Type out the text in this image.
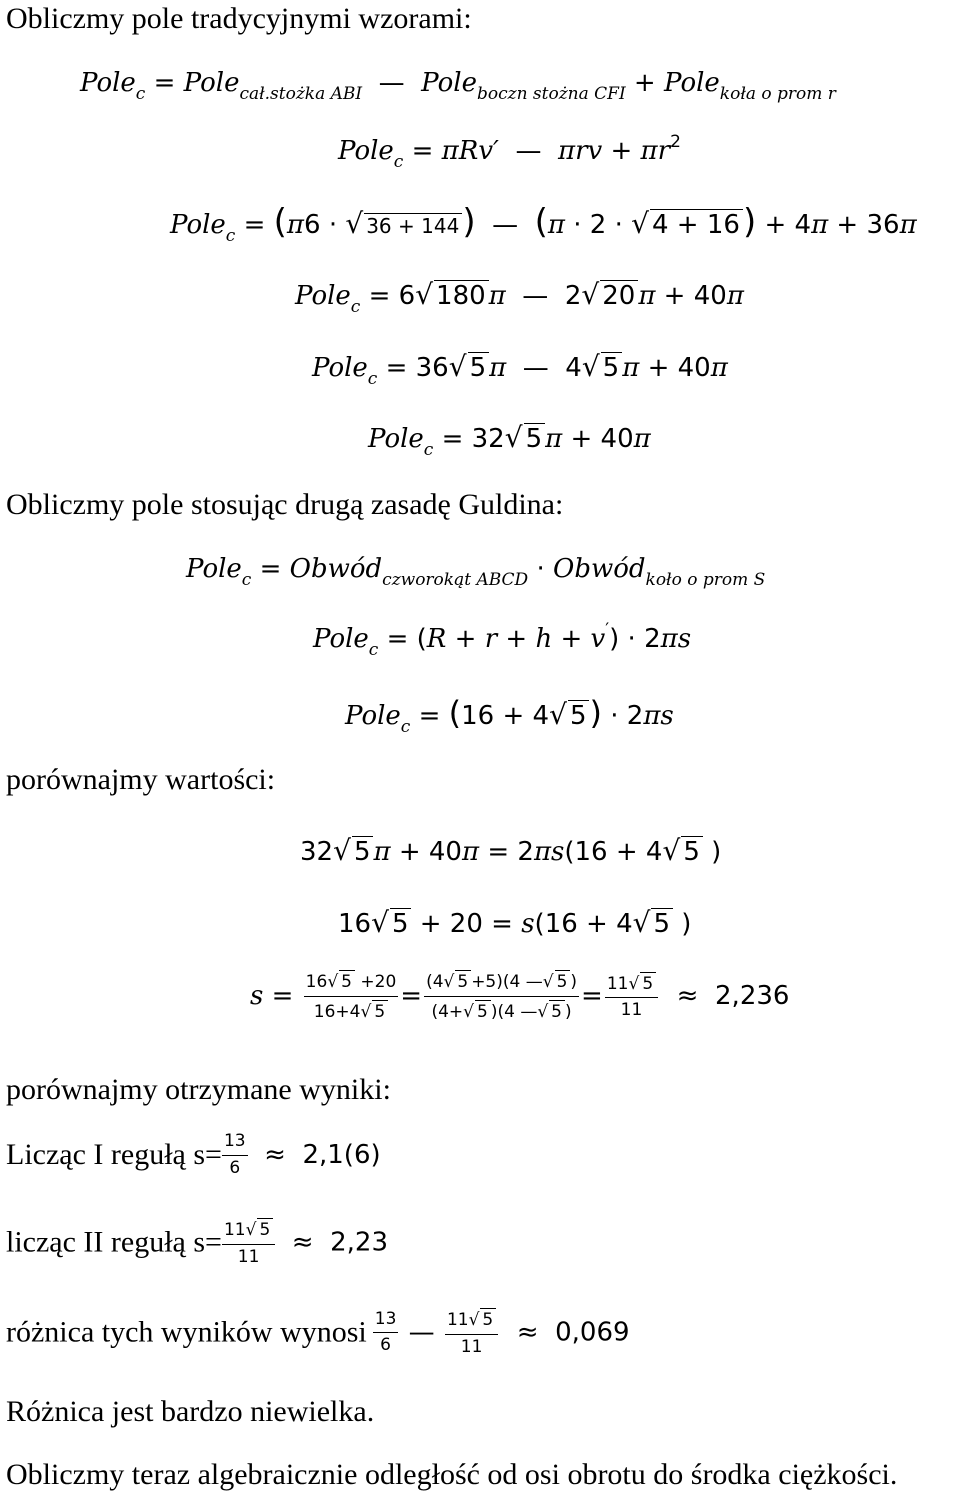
Obliczmy pole tradycyjnymi wzorami:
Pole$_c$ = Pole$_{cał.stożka ABI}$  —  Pole$_{boczn stożna CFI}$ + Pole$_{koła o prom r}$
Pole$_c$ = πRv′  —  $\pi rv + \pi r^2$
Pole$_c$ = (π6 · √ 36 + 144)  —  (π · 2 · √ 4 + 16) + 4π + 36π
Pole$_c$ = 6√ 180 π  —  2√ 20 π + 40π
Pole$_c$ = 36√ 5 π  —  4√ 5 π + 40π
Pole$_c$ = 32√ 5 π + 40π
Obliczmy pole stosując drugą zasadę Guldina:
Pole$_c$ = Obwód$_{czworokąt ABCD}$ · Obwód$_{koło o prom S}$
Pole$_c$ = (R + r + h + v′) · 2πs
Pole$_c$ = (16 + 4√ 5) · 2πs
porównajmy wartości:
32√ 5 π + 40π = 2πs(16 + 4√ 5 )
16√ 5 + 20 = s(16 + 4√ 5 )
$s = \frac{16√ 5 +20}{16+4√ 5} = \frac{(4√ 5 +5)(4 —√ 5 )}{(4+√ 5 )(4 —√ 5 )} = \frac{11√ 5}{11} \approx 2,236$
porównajmy otrzymane wyniki:
Licząc I regułą $s= \frac{13}{6} \approx 2,1(6)$
licząc II regułą $s= \frac{11√ 5}{11} \approx 2,23$
różnica tych wyników wynosi $\frac{13}{6}$ — $\frac{11√ 5}{11} \approx 0,069$
Różnica jest bardzo niewielka.
Obliczmy teraz algebraicznie odległość od osi obrotu do środka ciężkości.
